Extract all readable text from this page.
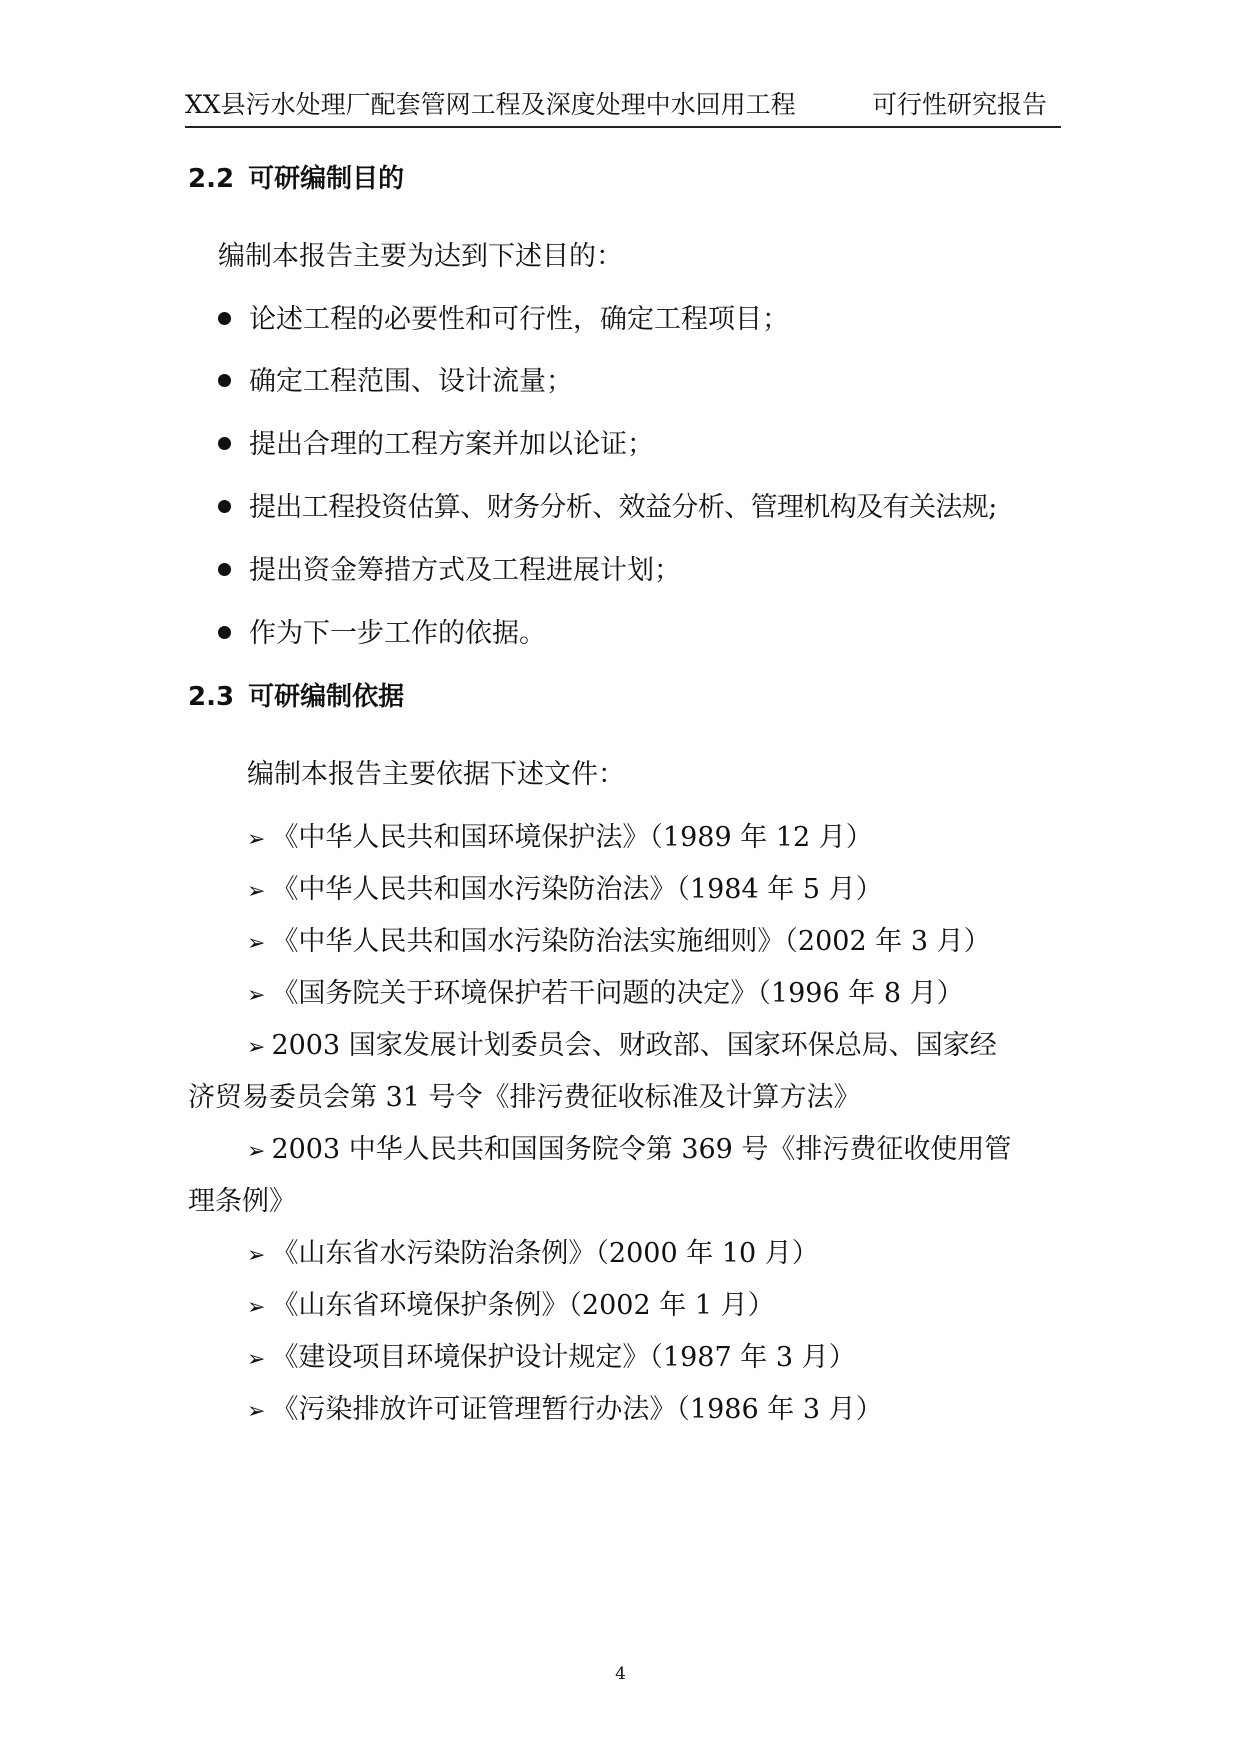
XX县污水处理厂配套管网工程及深度处理中水回用工程	可行性研究报告
2.2 可研编制目的
编制本报告主要为达到下述目的：
论述工程的必要性和可行性，确定工程项目；
确定工程范围、设计流量；
提出合理的工程方案并加以论证；
提出工程投资估算、财务分析、效益分析、管理机构及有关法规;
提出资金筹措方式及工程进展计划；
作为下一步工作的依据。
2.3 可研编制依据
编制本报告主要依据下述文件：
➢ 《中华人民共和国环境保护法》（1989 年 12 月）
➢ 《中华人民共和国水污染防治法》（1984 年 5 月）
➢ 《中华人民共和国水污染防治法实施细则》（2002 年 3 月）
➢ 《国务院关于环境保护若干问题的决定》（1996 年 8 月）
➢ 2003 国家发展计划委员会、财政部、国家环保总局、国家经
济贸易委员会第 31 号令《排污费征收标准及计算方法》
➢ 2003 中华人民共和国国务院令第 369 号《排污费征收使用管
理条例》
➢ 《山东省水污染防治条例》（2000 年 10 月）
➢ 《山东省环境保护条例》（2002 年 1 月）
➢ 《建设项目环境保护设计规定》（1987 年 3 月）
➢ 《污染排放许可证管理暂行办法》（1986 年 3 月）
4
